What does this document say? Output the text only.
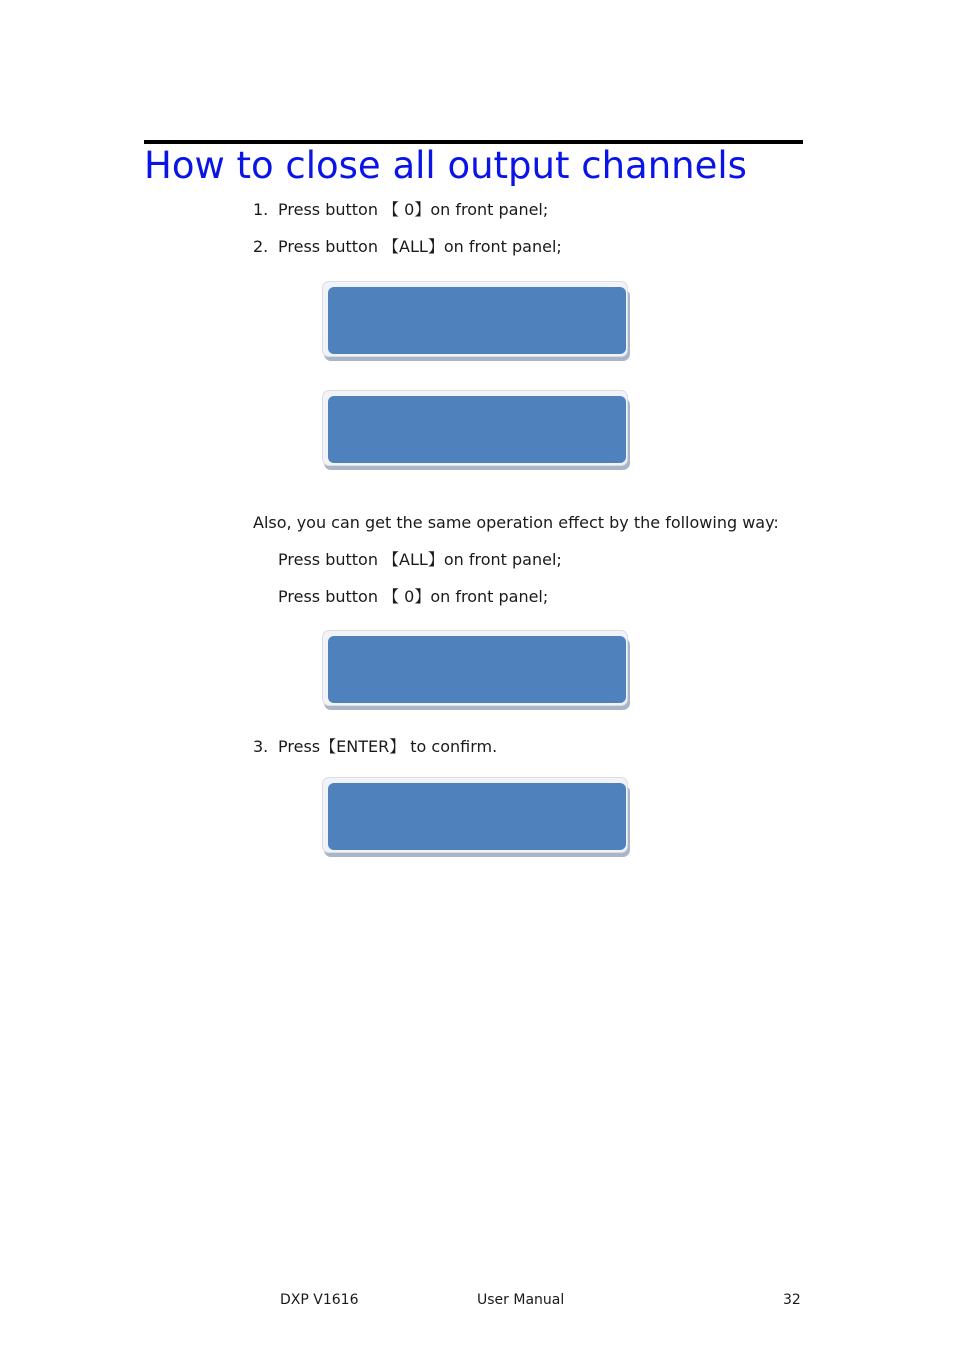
How to close all output channels

1. Press button 【 0】on front panel;

2. Press button 【ALL】on front panel;

Also, you can get the same operation effect by the following way:

Press button 【ALL】on front panel;

Press button 【 0】on front panel;

3. Press【ENTER】 to confirm.

DXP V1616	User Manual	32
